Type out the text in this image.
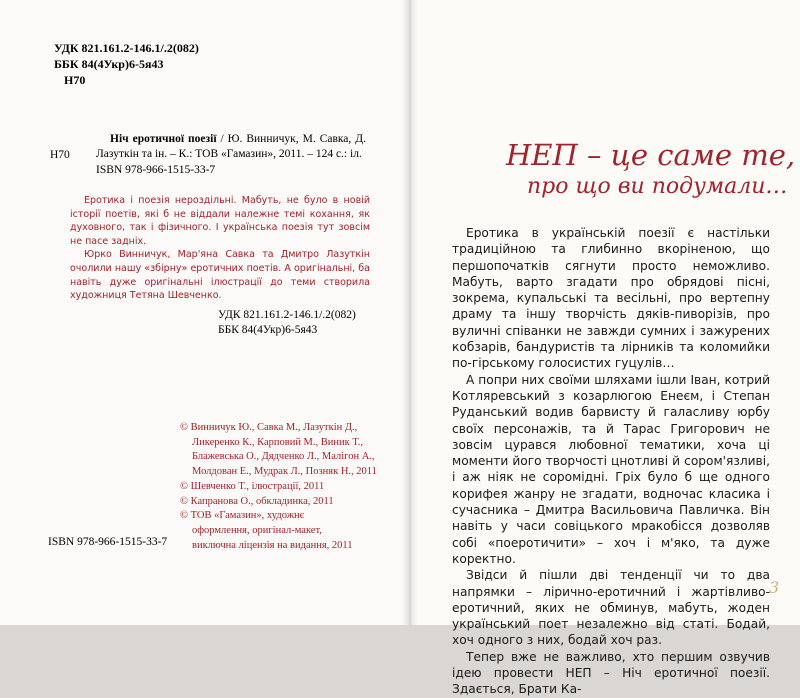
УДК 821.161.2-146.1/.2(082)
ББК 84(4Укр)6-5я43
Н70
Н70

Ніч еротичної поезії / Ю. Винничук, М. Савка, Д. Лазуткін та ін. – К.: ТОВ «Гамазин», 2011. – 124 с.: іл.

ISBN 978-966-1515-33-7

Еротика і поезія нероздільні. Мабуть, не було в новій історії поетів, які б не віддали належне темі кохання, як духовного, так і фізичного. І українська поезія тут зовсім не пасе задніх.

Юрко Винничук, Мар'яна Савка та Дмитро Лазуткін очолили нашу «збірну» еротичних поетів. А оригінальні, ба навіть дуже оригінальні ілюстрації до теми створила художниця Тетяна Шевченко.

УДК 821.161.2-146.1/.2(082)
ББК 84(4Укр)6-5я43
© Винничук Ю., Савка М., Лазуткін Д.,
Ликеренко К., Карповий М., Виник Т.,
Блажевська О., Дядченко Л., Малігон А.,
Молдован Е., Мудрак Л., Позняк Н., 2011
© Шевченко Т., ілюстрації, 2011
© Капранова О., обкладинка, 2011
© ТОВ «Гамазин», художнє
оформлення, оригінал-макет,
виключна ліцензія на видання, 2011
ISBN 978-966-1515-33-7
НЕП – це саме те,
про що ви подумали…

Еротика в українській поезії є настільки традиційною та глибинно вкоріненою, що першопочатків сягнути просто неможливо. Мабуть, варто згадати про обрядові пісні, зокрема, купальські та весільні, про вертепну драму та іншу творчість дяків-пиворізів, про вуличні співанки не завжди сумних і зажурених кобзарів, бандуристів та лірників та коломийки по-гірському голосистих гуцулів…

А попри них своїми шляхами ішли Іван, котрий Котляревський з козарлюгою Енеєм, і Степан Руданський водив барвисту й галасливу юрбу своїх персонажів, та й Тарас Григорович не зовсім цурався любовної тематики, хоча ці моменти його творчості цнотливі й сором'язливі, і аж ніяк не соромідні. Гріх було б ще одного корифея жанру не згадати, водночас класика і сучасника – Дмитра Васильовича Павличка. Він навіть у часи совіцького мракобісся дозволяв собі «поеротичити» – хоч і м'яко, та дуже коректно.

Звідси й пішли дві тенденції чи то два напрямки – лірично-еротичний і жартівливо-еротичний, яких не обминув, мабуть, жоден український поет незалежно від статі. Бодай, хоч одного з них, бодай хоч раз.

Тепер вже не важливо, хто першим озвучив ідею провести НЕП – Ніч еротичної поезії. Здається, Брати Ка-

3
